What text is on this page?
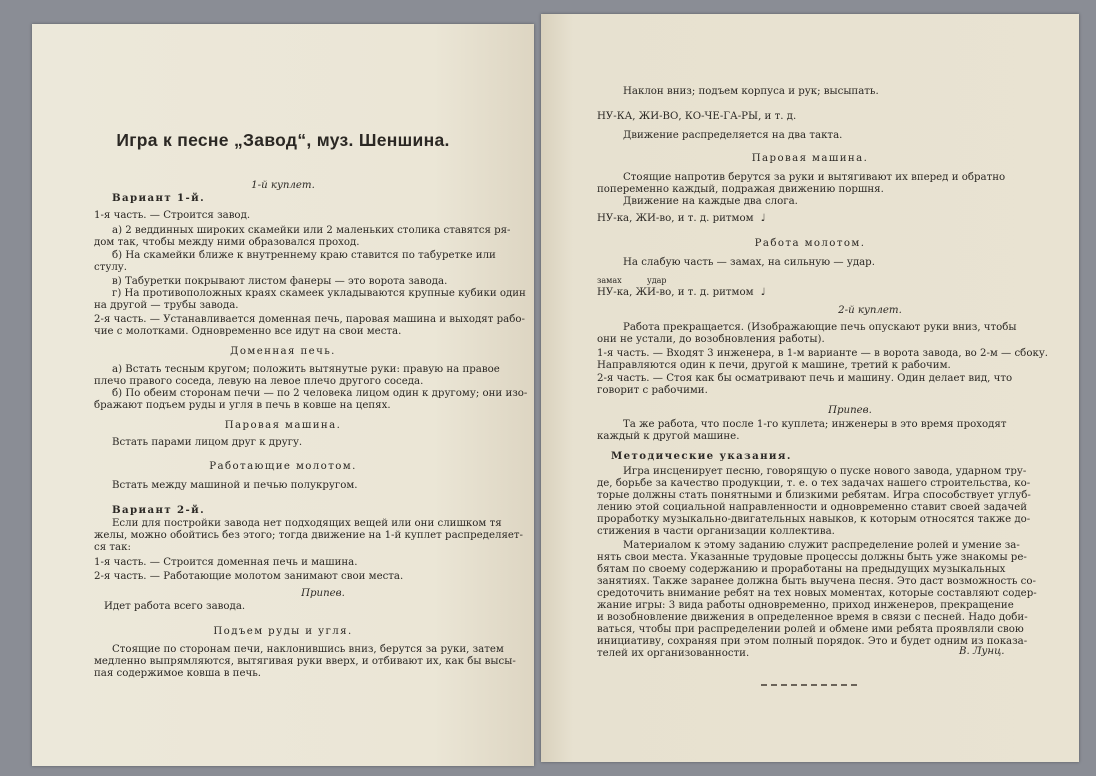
Игра к песне „Завод“, муз. Шеншина.
1-й куплет.
Вариант 1-й.
1-я часть. — Строится завод.
а) 2 веддинных широких скамейки или 2 маленьких столика ставятся ря-
дом так, чтобы между ними образовался проход.
б) На скамейки ближе к внутреннему краю ставится по табуретке или
стулу.
в) Табуретки покрывают листом фанеры — это ворота завода.
г) На противоположных краях скамеек укладываются крупные кубики один
на другой — трубы завода.
2-я часть. — Устанавливается доменная печь, паровая машина и выходят рабо-
чие с молотками. Одновременно все идут на свои места.
Доменная печь.
а) Встать тесным кругом; положить вытянутые руки: правую на правое
плечо правого соседа, левую на левое плечо другого соседа.
б) По обеим сторонам печи — по 2 человека лицом один к другому; они изо-
бражают подъем руды и угля в печь в ковше на цепях.
Паровая машина.
Встать парами лицом друг к другу.
Работающие молотом.
Встать между машиной и печью полукругом.
Вариант 2-й.
Если для постройки завода нет подходящих вещей или они слишком тя
желы, можно обойтись без этого; тогда движение на 1-й куплет распределяет-
ся так:
1-я часть. — Строится доменная печь и машина.
2-я часть. — Работающие молотом занимают свои места.
Припев.
Идет работа всего завода.
Подъем руды и угля.
Стоящие по сторонам печи, наклонившись вниз, берутся за руки, затем
медленно выпрямляются, вытягивая руки вверх, и отбивают их, как бы высы-
пая содержимое ковша в печь.
Наклон вниз; подъем корпуса и рук; высыпать.
НУ-КА, ЖИ-ВО, КО-ЧЕ-ГА-РЫ, и т. д.
Движение распределяется на два такта.
Паровая машина.
Стоящие напротив берутся за руки и вытягивают их вперед и обратно
попеременно каждый, подражая движению поршня.
Движение на каждые два слога.
НУ-ка, ЖИ-во, и т. д. ритмом ♩
Работа молотом.
На слабую часть — замах, на сильную — удар.
замах	удар
НУ-ка, ЖИ-во, и т. д. ритмом ♩
2-й куплет.
Работа прекращается. (Изображающие печь опускают руки вниз, чтобы
они не устали, до возобновления работы).
1-я часть. — Входят 3 инженера, в 1-м варианте — в ворота завода, во 2-м — сбоку.
Направляются один к печи, другой к машине, третий к рабочим.
2-я часть. — Стоя как бы осматривают печь и машину. Один делает вид, что
говорит с рабочими.
Припев.
Та же работа, что после 1-го куплета; инженеры в это время проходят
каждый к другой машине.
Методические указания.
Игра инсценирует песню, говорящую о пуске нового завода, ударном тру-
де, борьбе за качество продукции, т. е. о тех задачах нашего строительства, ко-
торые должны стать понятными и близкими ребятам. Игра способствует углуб-
лению этой социальной направленности и одновременно ставит своей задачей
проработку музыкально-двигательных навыков, к которым относятся также до-
стижения в части организации коллектива.
Материалом к этому заданию служит распределение ролей и умение за-
нять свои места. Указанные трудовые процессы должны быть уже знакомы ре-
бятам по своему содержанию и проработаны на предыдущих музыкальных
занятиях. Также заранее должна быть выучена песня. Это даст возможность со-
средоточить внимание ребят на тех новых моментах, которые составляют содер-
жание игры: 3 вида работы одновременно, приход инженеров, прекращение
и возобновление движения в определенное время в связи с песней. Надо доби-
ваться, чтобы при распределении ролей и обмене ими ребята проявляли свою
инициативу, сохраняя при этом полный порядок. Это и будет одним из показа-
телей их организованности.	В. Лунц.
